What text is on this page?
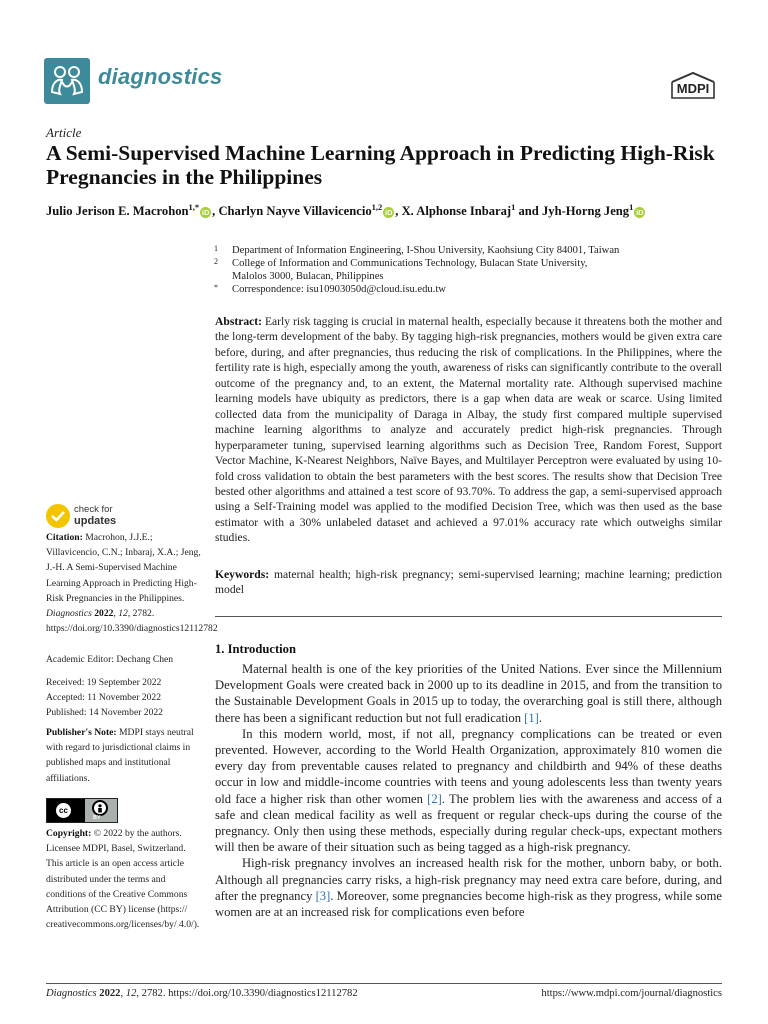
diagnostics	MDPI
Article
A Semi-Supervised Machine Learning Approach in Predicting High-Risk Pregnancies in the Philippines
Julio Jerison E. Macrohon$^{1,*}$iD , Charlyn Nayve Villavicencio$^{1,2}$iD , X. Alphonse Inbaraj$^1$ and Jyh-Horng Jeng$^1$iD
1	Department of Information Engineering, I-Shou University, Kaohsiung City 84001, Taiwan
2	College of Information and Communications Technology, Bulacan State University,
Malolos 3000, Bulacan, Philippines
*	Correspondence: isu10903050d@cloud.isu.edu.tw
Abstract: Early risk tagging is crucial in maternal health, especially because it threatens both the mother and the long-term development of the baby. By tagging high-risk pregnancies, mothers would be given extra care before, during, and after pregnancies, thus reducing the risk of complications. In the Philippines, where the fertility rate is high, especially among the youth, awareness of risks can significantly contribute to the overall outcome of the pregnancy and, to an extent, the Maternal mortality rate. Although supervised machine learning models have ubiquity as predictors, there is a gap when data are weak or scarce. Using limited collected data from the municipality of Daraga in Albay, the study first compared multiple supervised machine learning algorithms to analyze and accurately predict high-risk pregnancies. Through hyperparameter tuning, supervised learning algorithms such as Decision Tree, Random Forest, Support Vector Machine, K-Nearest Neighbors, Naïve Bayes, and Multilayer Perceptron were evaluated by using 10-fold cross validation to obtain the best parameters with the best scores. The results show that Decision Tree bested other algorithms and attained a test score of 93.70%. To address the gap, a semi-supervised approach using a Self-Training model was applied to the modified Decision Tree, which was then used as the base estimator with a 30% unlabeled dataset and achieved a 97.01% accuracy rate which outweighs similar studies.
Keywords: maternal health; high-risk pregnancy; semi-supervised learning; machine learning; prediction model
check for
updates
Citation: Macrohon, J.J.E.; Villavicencio, C.N.; Inbaraj, X.A.; Jeng, J.-H. A Semi-Supervised Machine Learning Approach in Predicting High-Risk Pregnancies in the Philippines. Diagnostics 2022, 12, 2782. https://doi.org/10.3390/diagnostics12112782
Academic Editor: Dechang Chen
Received: 19 September 2022
Accepted: 11 November 2022
Published: 14 November 2022
Publisher's Note: MDPI stays neutral with regard to jurisdictional claims in published maps and institutional affiliations.
cc
BY
Copyright: © 2022 by the authors. Licensee MDPI, Basel, Switzerland. This article is an open access article distributed under the terms and conditions of the Creative Commons Attribution (CC BY) license (https:// creativecommons.org/licenses/by/ 4.0/).
1. Introduction

Maternal health is one of the key priorities of the United Nations. Ever since the Millennium Development Goals were created back in 2000 up to its deadline in 2015, and from the transition to the Sustainable Development Goals in 2015 up to today, the overarching goal is still there, although there has been a significant reduction but not full eradication [1].

In this modern world, most, if not all, pregnancy complications can be treated or even prevented. However, according to the World Health Organization, approximately 810 women die every day from preventable causes related to pregnancy and childbirth and 94% of these deaths occur in low and middle-income countries with teens and young adolescents less than twenty years old face a higher risk than other women [2]. The problem lies with the awareness and access of a safe and clean medical facility as well as frequent or regular check-ups during the course of the pregnancy. Only then using these methods, especially during regular check-ups, expectant mothers will then be aware of their situation such as being tagged as a high-risk pregnancy.

High-risk pregnancy involves an increased health risk for the mother, unborn baby, or both. Although all pregnancies carry risks, a high-risk pregnancy may need extra care before, during, and after the pregnancy [3]. Moreover, some pregnancies become high-risk as they progress, while some women are at an increased risk for complications even before

Diagnostics 2022, 12, 2782. https://doi.org/10.3390/diagnostics12112782	https://www.mdpi.com/journal/diagnostics
